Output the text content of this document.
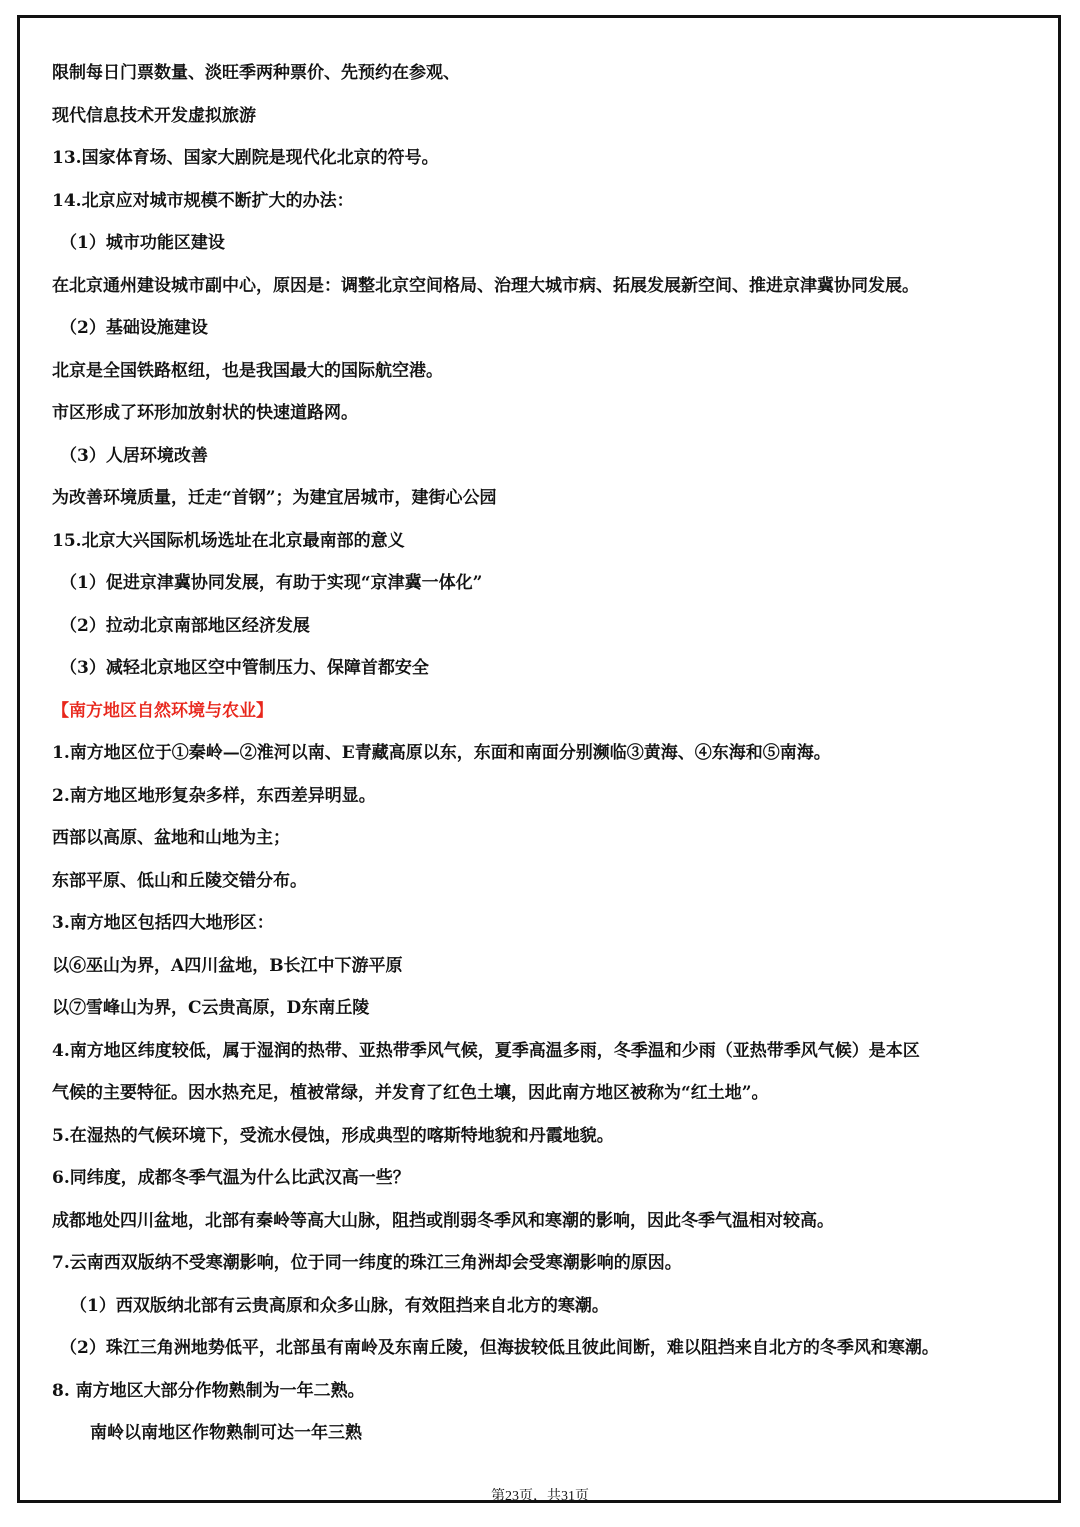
限制每日门票数量、淡旺季两种票价、先预约在参观、
现代信息技术开发虚拟旅游
13.国家体育场、国家大剧院是现代化北京的符号。
14.北京应对城市规模不断扩大的办法：
（1）城市功能区建设
在北京通州建设城市副中心，原因是：调整北京空间格局、治理大城市病、拓展发展新空间、推进京津冀协同发展。
（2）基础设施建设
北京是全国铁路枢纽，也是我国最大的国际航空港。
市区形成了环形加放射状的快速道路网。
（3）人居环境改善
为改善环境质量，迁走“首钢”；为建宜居城市，建街心公园
15.北京大兴国际机场选址在北京最南部的意义
（1）促进京津冀协同发展，有助于实现“京津冀一体化”
（2）拉动北京南部地区经济发展
（3）减轻北京地区空中管制压力、保障首都安全
【南方地区自然环境与农业】
1.南方地区位于①秦岭—②淮河以南、E青藏高原以东，东面和南面分别濒临③黄海、④东海和⑤南海。
2.南方地区地形复杂多样，东西差异明显。
西部以高原、盆地和山地为主；
东部平原、低山和丘陵交错分布。
3.南方地区包括四大地形区：
以⑥巫山为界，A四川盆地，B长江中下游平原
以⑦雪峰山为界，C云贵高原，D东南丘陵
4.南方地区纬度较低，属于湿润的热带、亚热带季风气候，夏季高温多雨，冬季温和少雨（亚热带季风气候）是本区
气候的主要特征。因水热充足，植被常绿，并发育了红色土壤，因此南方地区被称为“红土地”。
5.在湿热的气候环境下，受流水侵蚀，形成典型的喀斯特地貌和丹霞地貌。
6.同纬度，成都冬季气温为什么比武汉高一些？
成都地处四川盆地，北部有秦岭等高大山脉，阻挡或削弱冬季风和寒潮的影响，因此冬季气温相对较高。
7.云南西双版纳不受寒潮影响，位于同一纬度的珠江三角洲却会受寒潮影响的原因。
（1）西双版纳北部有云贵高原和众多山脉，有效阻挡来自北方的寒潮。
（2）珠江三角洲地势低平，北部虽有南岭及东南丘陵，但海拔较低且彼此间断，难以阻挡来自北方的冬季风和寒潮。
8. 南方地区大部分作物熟制为一年二熟。
南岭以南地区作物熟制可达一年三熟
第23页，共31页
